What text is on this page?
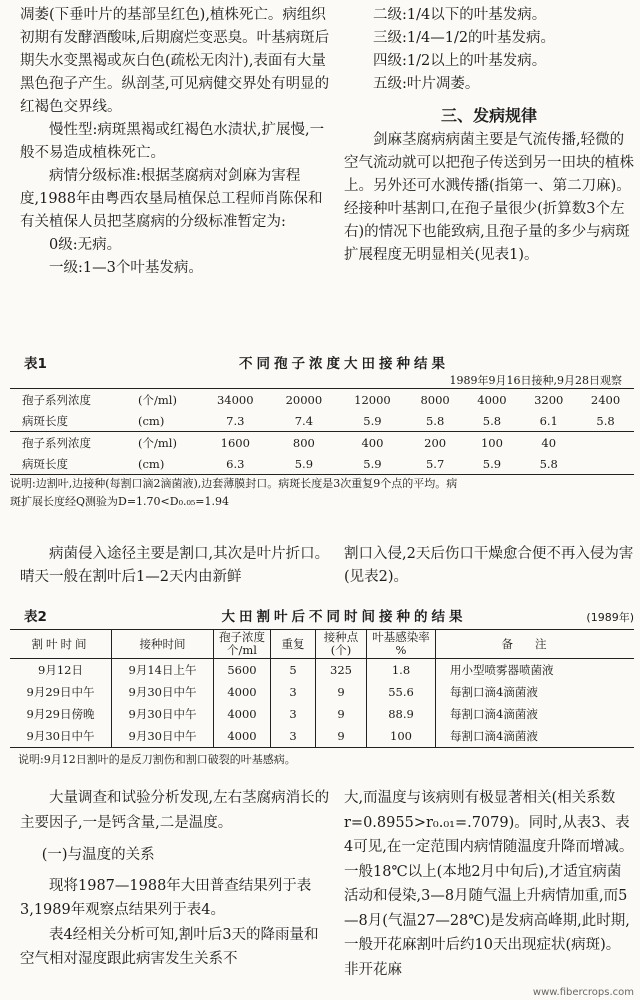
凋萎(下垂叶片的基部呈红色),植株死亡。病组织初期有发酵酒酸味,后期腐烂变恶臭。叶基病斑后期失水变黑褐或灰白色(疏松无肉汁),表面有大量黑色孢子产生。纵剖茎,可见病健交界处有明显的红褐色交界线。

慢性型:病斑黑褐或红褐色水渍状,扩展慢,一般不易造成植株死亡。

病情分级标准:根据茎腐病对剑麻为害程度,1988年由粤西农垦局植保总工程师肖陈保和有关植保人员把茎腐病的分级标准暂定为:

0级:无病。

一级:1—3个叶基发病。

二级:1/4以下的叶基发病。

三级:1/4—1/2的叶基发病。

四级:1/2以上的叶基发病。

五级:叶片凋萎。

三、发病规律

剑麻茎腐病病菌主要是气流传播,轻微的空气流动就可以把孢子传送到另一田块的植株上。另外还可水溅传播(指第一、第二刀麻)。经接种叶基割口,在孢子量很少(折算数3个左右)的情况下也能致病,且孢子量的多少与病斑扩展程度无明显相关(见表1)。

表1	不同孢子浓度大田接种结果
1989年9月16日接种,9月28日观察
孢子系列浓度	(个/ml)	34000	20000	12000	8000	4000	3200	2400
病斑长度	(cm)	7.3	7.4	5.9	5.8	5.8	6.1	5.8
孢子系列浓度	(个/ml)	1600	800	400	200	100	40	
病斑长度	(cm)	6.3	5.9	5.9	5.7	5.9	5.8	

说明:边割叶,边接种(每割口滴2滴菌液),边套薄膜封口。病斑长度是3次重复9个点的平均。病

斑扩展长度经Q测验为D=1.70<D₀.₀₅=1.94

病菌侵入途径主要是割口,其次是叶片折口。晴天一般在割叶后1—2天内由新鲜

割口入侵,2天后伤口干燥愈合便不再入侵为害(见表2)。

表2	大田割叶后不同时间接种的结果	(1989年)
割叶时间	接种时间	孢子浓度 个/ml	重复	接种点 (个)	叶基感染率 %	备注
9月12日	9月14日上午	5600	5	325	1.8	用小型喷雾器喷菌液
9月29日中午	9月30日中午	4000	3	9	55.6	每割口滴4滴菌液
9月29日傍晚	9月30日中午	4000	3	9	88.9	每割口滴4滴菌液
9月30日中午	9月30日中午	4000	3	9	100	每割口滴4滴菌液

说明:9月12日割叶的是反刀割伤和割口破裂的叶基感病。

大量调查和试验分析发现,左右茎腐病消长的主要因子,一是钙含量,二是温度。

(一)与温度的关系

现将1987—1988年大田普查结果列于表3,1989年观察点结果列于表4。

表4经相关分析可知,割叶后3天的降雨量和空气相对湿度跟此病害发生关系不

大,而温度与该病则有极显著相关(相关系数r=0.8955>r₀.₀₁=.7079)。同时,从表3、表4可见,在一定范围内病情随温度升降而增减。一般18℃以上(本地2月中旬后),才适宜病菌活动和侵染,3—8月随气温上升病情加重,而5—8月(气温27—28℃)是发病高峰期,此时期,一般开花麻割叶后约10天出现症状(病斑)。非开花麻

www.fibercrops.com
